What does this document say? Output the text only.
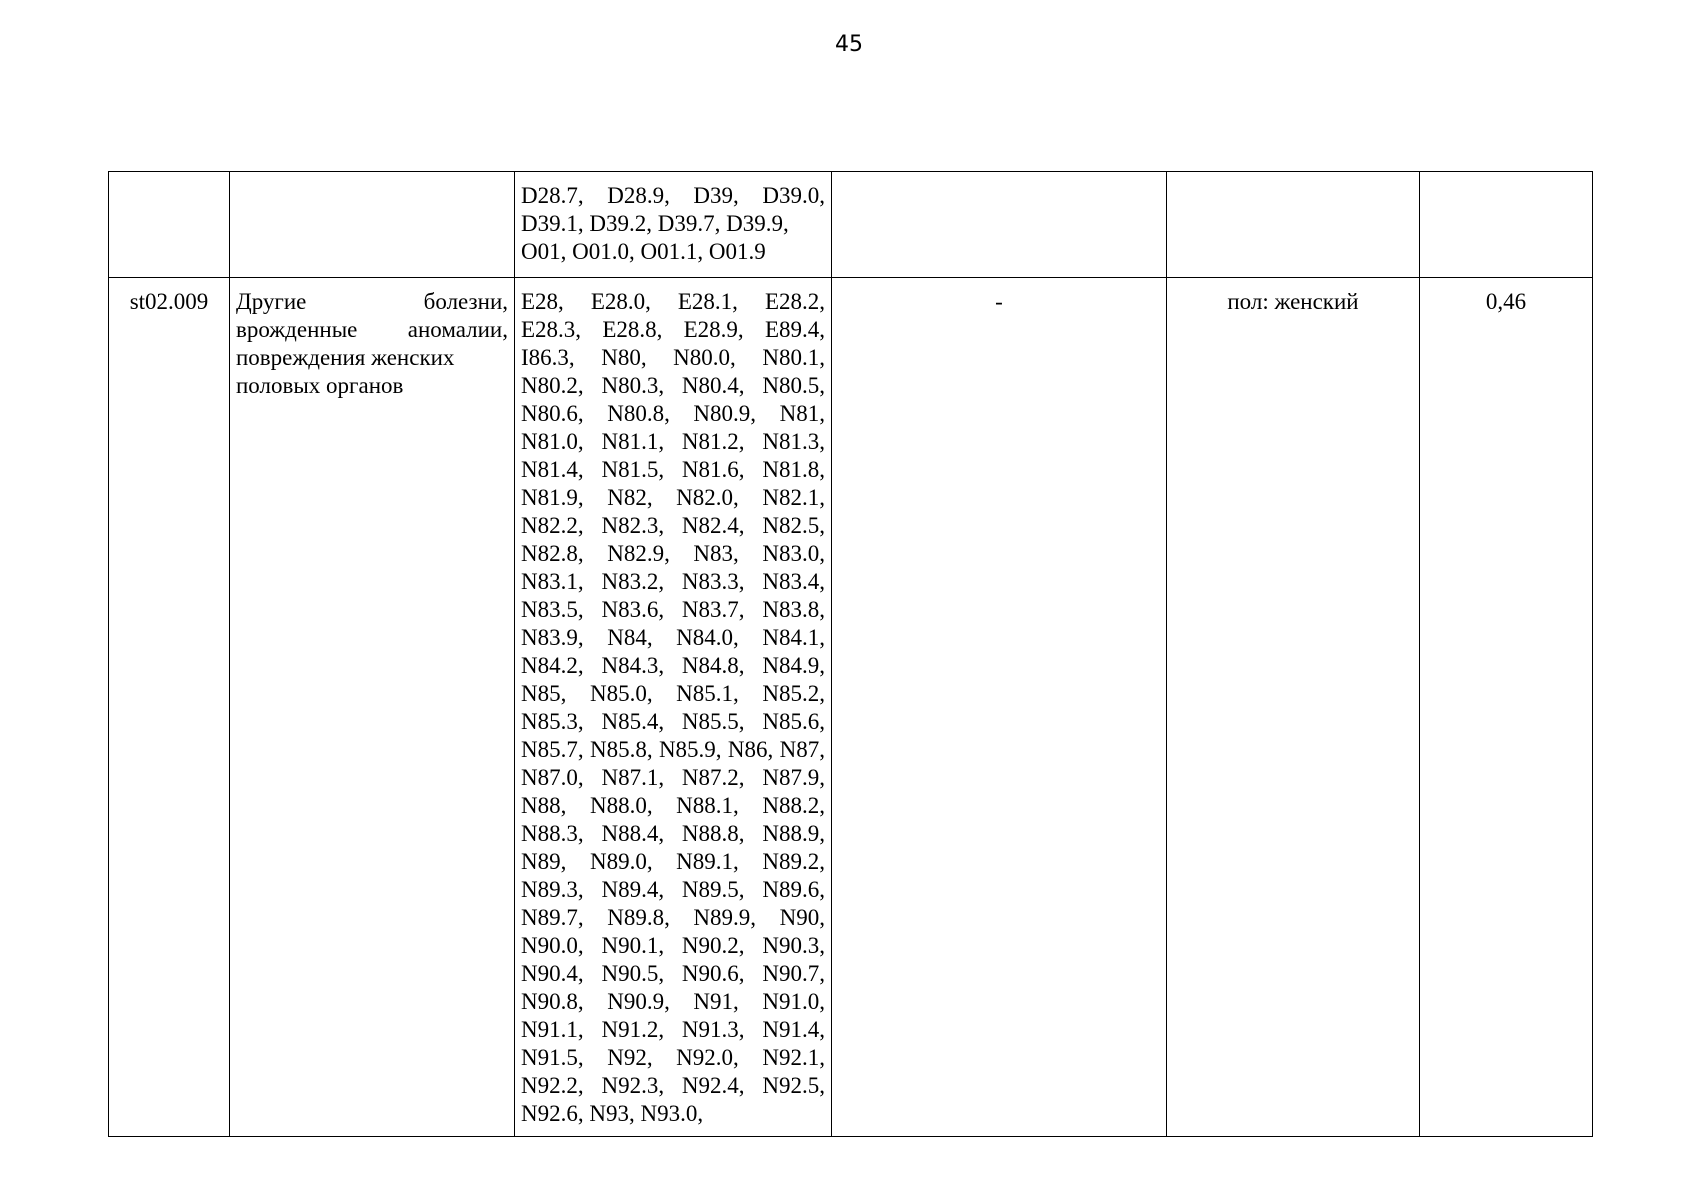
45

		D28.7, D28.9, D39, D39.0, D39.1, D39.2, D39.7, D39.9,
O01, O01.0, O01.1, O01.9			

st02.009	Другие болезни, врожденные аномалии, повреждения женских
половых органов	E28, E28.0, E28.1, E28.2, E28.3, E28.8, E28.9, E89.4, I86.3, N80, N80.0, N80.1, N80.2, N80.3, N80.4, N80.5, N80.6, N80.8, N80.9, N81, N81.0, N81.1, N81.2, N81.3, N81.4, N81.5, N81.6, N81.8, N81.9, N82, N82.0, N82.1, N82.2, N82.3, N82.4, N82.5, N82.8, N82.9, N83, N83.0, N83.1, N83.2, N83.3, N83.4, N83.5, N83.6, N83.7, N83.8, N83.9, N84, N84.0, N84.1, N84.2, N84.3, N84.8, N84.9, N85, N85.0, N85.1, N85.2, N85.3, N85.4, N85.5, N85.6, N85.7, N85.8, N85.9, N86, N87, N87.0, N87.1, N87.2, N87.9, N88, N88.0, N88.1, N88.2, N88.3, N88.4, N88.8, N88.9, N89, N89.0, N89.1, N89.2, N89.3, N89.4, N89.5, N89.6, N89.7, N89.8, N89.9, N90, N90.0, N90.1, N90.2, N90.3, N90.4, N90.5, N90.6, N90.7, N90.8, N90.9, N91, N91.0, N91.1, N91.2, N91.3, N91.4, N91.5, N92, N92.0, N92.1, N92.2, N92.3, N92.4, N92.5, N92.6, N93, N93.0,	-	пол: женский	0,46
